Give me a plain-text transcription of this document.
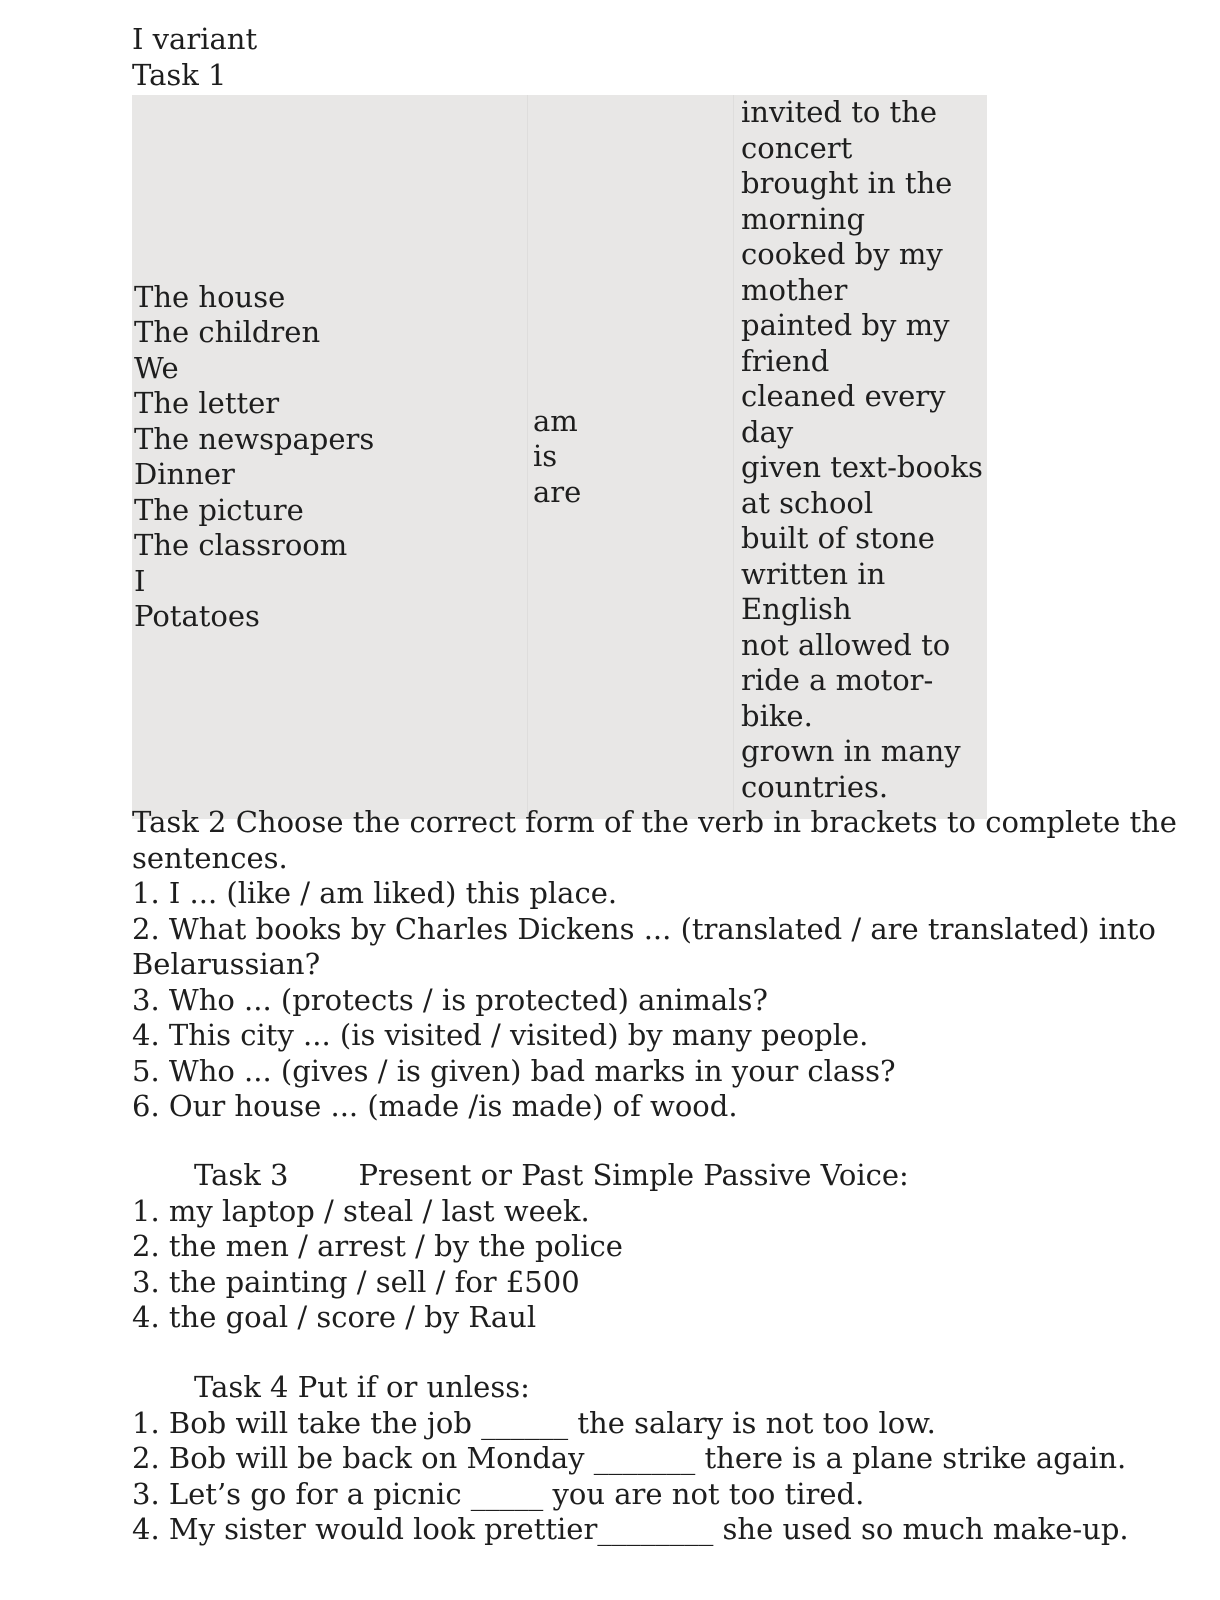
I variant
Task 1
The house
The children
We
The letter
The newspapers
Dinner
The picture
The classroom
I
Potatoes
am
is
are
invited to the concert
brought in the morning
cooked by my mother
painted by my friend
cleaned every day
given text-books at school
built of stone
written in English
not allowed to ride a motor-bike.
grown in many countries.
Task 2 Choose the correct form of the verb in brackets to complete the sentences.
1. I ... (like / am liked) this place.
2. What books by Charles Dickens ... (translated / are translated) into Belarussian?
3. Who ... (protects / is protected) animals?
4. This city ... (is visited / visited) by many people.
5. Who ... (gives / is given) bad marks in your class?
6. Our house ... (made /is made) of wood.
Task 3 Present or Past Simple Passive Voice:
1. my laptop / steal / last week.
2. the men / arrest / by the police
3. the painting / sell / for £500
4. the goal / score / by Raul
Task 4 Put if or unless:
1. Bob will take the job ______ the salary is not too low.
2. Bob will be back on Monday _______ there is a plane strike again.
3. Let’s go for a picnic _____ you are not too tired.
4. My sister would look prettier________ she used so much make-up.
